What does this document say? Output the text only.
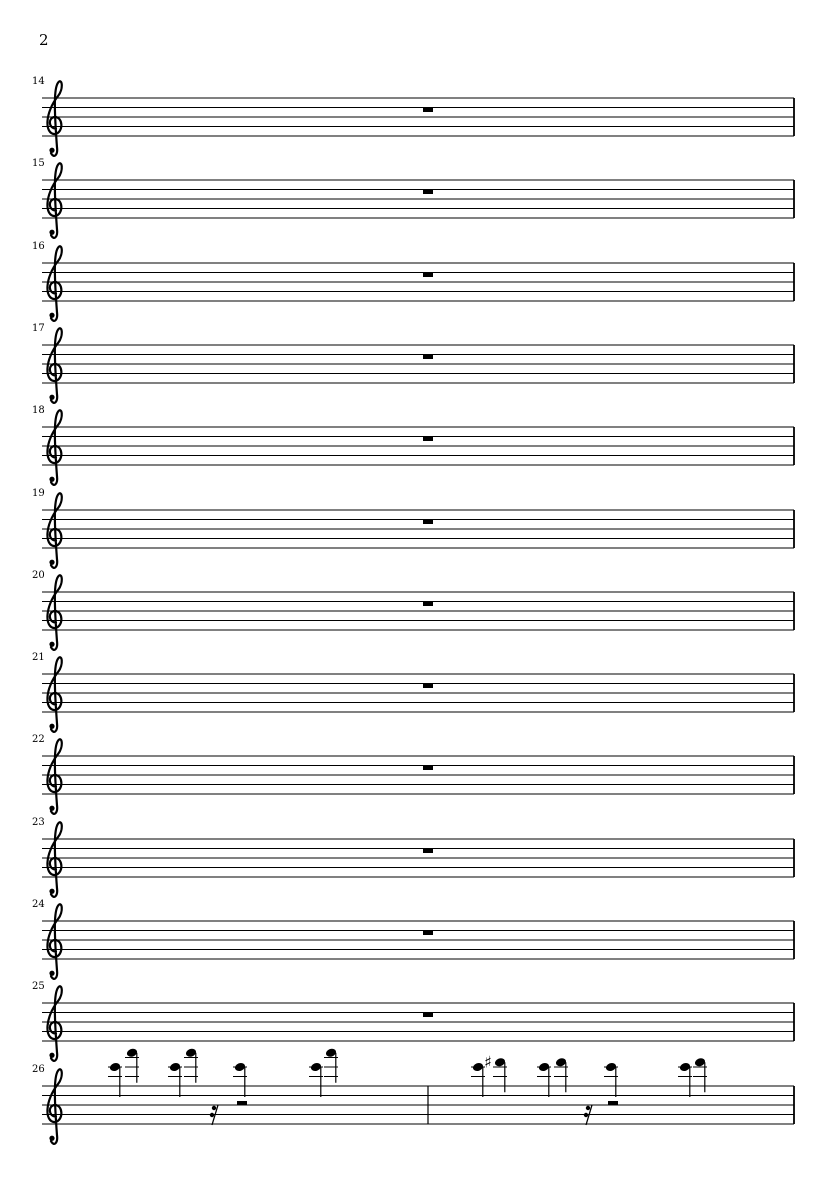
2
14
15
16
17
18
19
20
21
22
23
24
25
26	♯
